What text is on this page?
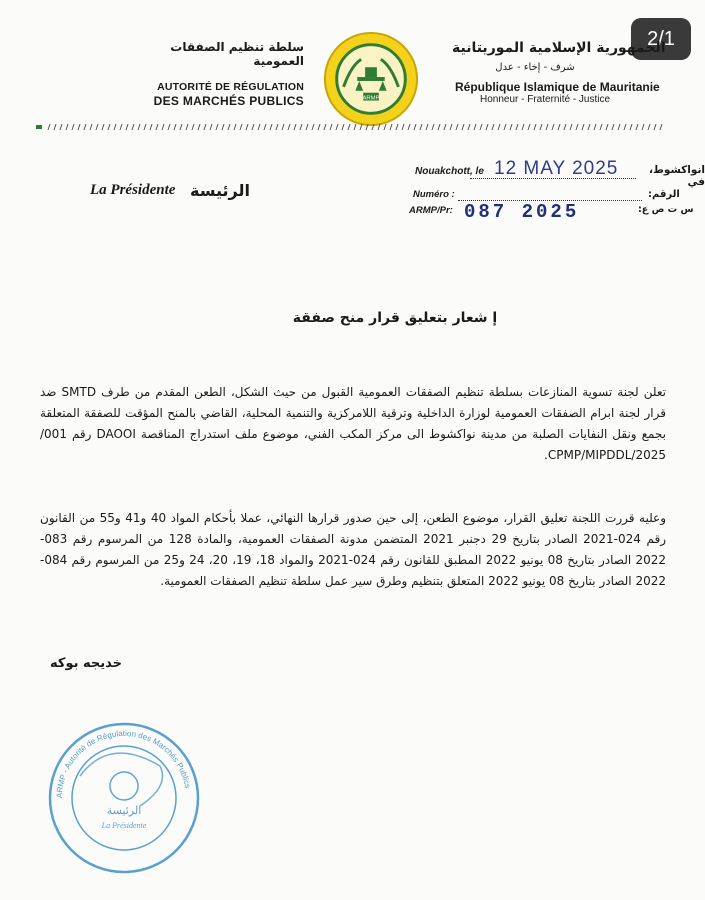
2/1
سلطة تنظيم الصفقات العمومية
AUTORITÉ DE RÉGULATION
DES MARCHÉS PUBLICS	ARMP
الجمهورية الإسلامية الموريتانية
شرف - إخاء - عدل
République Islamique de Mauritanie
Honneur - Fraternité - Justice
Nouakchott, le 12 MAY 2025	انواكشوط، في
Numéro :	الرقم:
ARMP/Pr: 087 2025	س ت ص ع:
La Présidente الرئيسة
إ شعار بتعليق قرار منح صفقة
تعلن لجنة تسوية المنازعات بسلطة تنظيم الصفقات العمومية القبول من حيث الشكل، الطعن المقدم من طرف SMTD ضد قرار لجنة ابرام الصفقات العمومية لوزارة الداخلية وترقية اللامركزية والتنمية المحلية، القاضي بالمنح المؤقت للصفقة المتعلقة بجمع ونقل النفايات الصلبة من مدينة نواكشوط الى مركز المكب الفني، موضوع ملف استدراج المناقصة DAOOI رقم 001/ CPMP/MIPDDL/2025.
وعليه قررت اللجنة تعليق القرار، موضوع الطعن، إلى حين صدور قرارها النهائي، عملا بأحكام المواد 40 و41 و55 من القانون رقم 024-2021 الصادر بتاريخ 29 دجنبر 2021 المتضمن مدونة الصفقات العمومية، والمادة 128 من المرسوم رقم 083-2022 الصادر بتاريخ 08 يونيو 2022 المطبق للقانون رقم 024-2021 والمواد 18، 19، 20، 24 و25 من المرسوم رقم 084-2022 الصادر بتاريخ 08 يونيو 2022 المتعلق بتنظيم وطرق سير عمل سلطة تنظيم الصفقات العمومية.
خديجه بوكه
ARMP - Autorité de Régulation des Marchés Publics
الرئيسة
La Présidente
